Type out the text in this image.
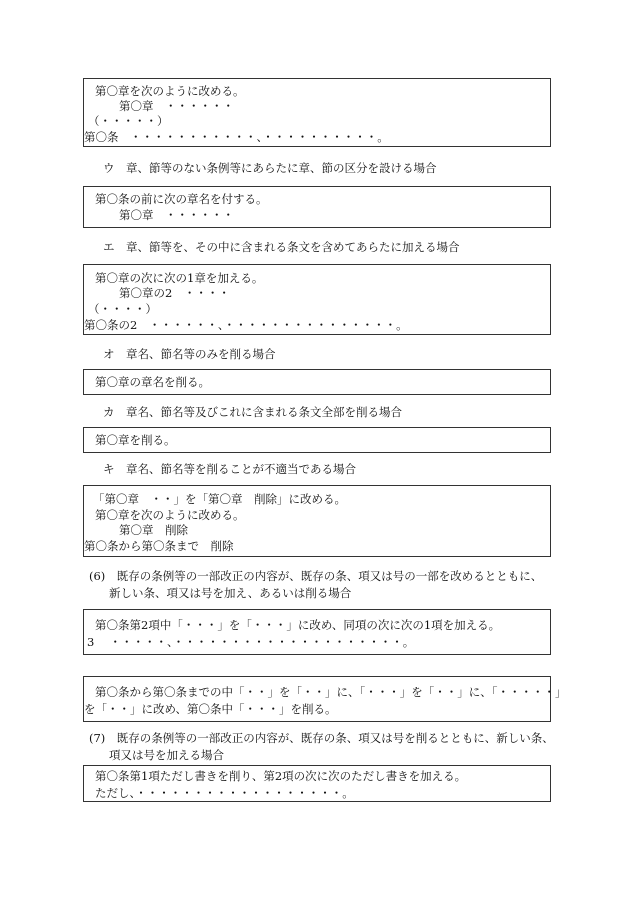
第〇章を次のように改める。
第〇章　・・・・・・
（・・・・・）
第〇条　・・・・・・・・・・・、・・・・・・・・・・。
ウ　章、節等のない条例等にあらたに章、節の区分を設ける場合
第〇条の前に次の章名を付する。
第〇章　・・・・・・
エ　章、節等を、その中に含まれる条文を含めてあらたに加える場合
第〇章の次に次の1章を加える。
第〇章の2　・・・・
（・・・・）
第〇条の2　・・・・・・、・・・・・・・・・・・・・・・。
オ　章名、節名等のみを削る場合
第〇章の章名を削る。
カ　章名、節名等及びこれに含まれる条文全部を削る場合
第〇章を削る。
キ　章名、節名等を削ることが不適当である場合
「第〇章　・・」を「第〇章　削除」に改める。
第〇章を次のように改める。
第〇章　削除
第〇条から第〇条まで　削除
(6)　既存の条例等の一部改正の内容が、既存の条、項又は号の一部を改めるとともに、
新しい条、項又は号を加え、あるいは削る場合
第〇条第2項中「・・・」を「・・・」に改め、同項の次に次の1項を加える。
3　 ・・・・・、・・・・・・・・・・・・・・・・・・・・。
第〇条から第〇条までの中「・・」を「・・」に、「・・・」を「・・」に、「・・・・・」
を「・・」に改め、第〇条中「・・・」を削る。
(7)　既存の条例等の一部改正の内容が、既存の条、項又は号を削るとともに、新しい条、
項又は号を加える場合
第〇条第1項ただし書きを削り、第2項の次に次のただし書きを加える。
ただし、・・・・・・・・・・・・・・・・・・。
